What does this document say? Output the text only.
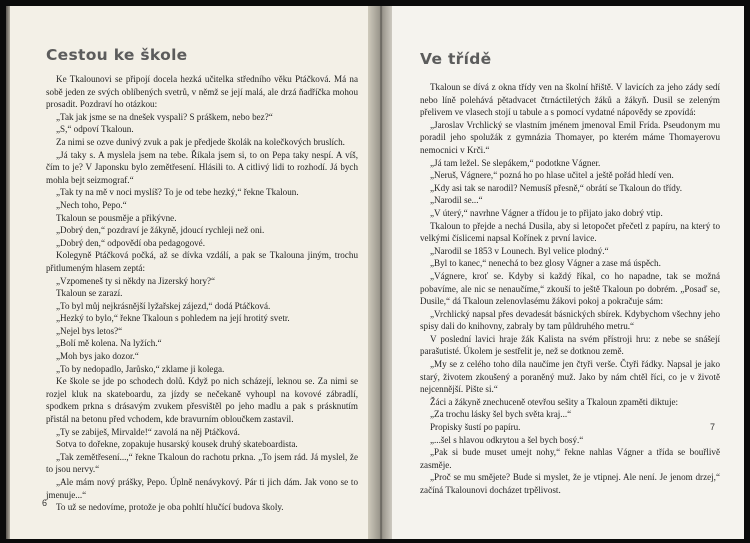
Cestou ke škole

Ke Tkalounovi se připojí docela hezká učitelka středního věku Ptáčková. Má na sobě jeden ze svých oblíbených svetrů, v němž se její malá, ale drzá ňadříčka mohou prosadit. Pozdraví ho otázkou:

„Tak jak jsme se na dnešek vyspali? S práškem, nebo bez?“

„S,“ odpoví Tkaloun.

Za nimi se ozve dunivý zvuk a pak je předjede školák na kolečkových bruslích.

„Já taky s. A myslela jsem na tebe. Říkala jsem si, to on Pepa taky nespí. A víš, čím to je? V Japonsku bylo zemětřesení. Hlásili to. A citlivý lidi to rozhodí. Já bych mohla bejt seizmograf.“

„Tak ty na mě v noci myslíš? To je od tebe hezký,“ řekne Tkaloun.

„Nech toho, Pepo.“

Tkaloun se pousměje a přikývne.

„Dobrý den,“ pozdraví je žákyně, jdoucí rychleji než oni.

„Dobrý den,“ odpovědí oba pedagogové.

Kolegyně Ptáčková počká, až se dívka vzdálí, a pak se Tkalouna jiným, trochu přitlumeným hlasem zeptá:

„Vzpomeneš ty si někdy na Jizerský hory?“

Tkaloun se zarazí.

„To byl můj nejkrásnější lyžařskej zájezd,“ dodá Ptáčková.

„Hezký to bylo,“ řekne Tkaloun s pohledem na její hrotitý svetr.

„Nejel bys letos?“

„Bolí mě kolena. Na lyžích.“

„Moh bys jako dozor.“

„To by nedopadlo, Jarůsko,“ zklame ji kolega.

Ke škole se jde po schodech dolů. Když po nich scházejí, leknou se. Za nimi se rozjel kluk na skateboardu, za jízdy se nečekaně vyhoupl na kovové zábradlí, spodkem prkna s drásavým zvukem přesvištěl po jeho madlu a pak s prásknutím přistál na betonu před vchodem, kde bravurním obloučkem zastavil.

„Ty se zabiješ, Mirvalde!“ zavolá na něj Ptáčková.

Sotva to dořekne, zopakuje husarský kousek druhý skateboardista.

„Tak zemětřesení...,“ řekne Tkaloun do rachotu prkna. „To jsem rád. Já myslel, že to jsou nervy.“

„Ale mám nový prášky, Pepo. Úplně nenávykový. Pár ti jich dám. Jak vono se to jmenuje...“

To už se nedovíme, protože je oba pohltí hlučící budova školy.

6
Ve třídě

Tkaloun se dívá z okna třídy ven na školní hřiště. V lavicích za jeho zády sedí nebo líně polehává pětadvacet čtrnáctiletých žáků a žákyň. Dusil se zeleným přelivem ve vlasech stojí u tabule a s pomocí vydatné nápovědy se zpovídá:

„Jaroslav Vrchlický se vlastním jménem jmenoval Emil Frída. Pseudonym mu poradil jeho spolužák z gymnázia Thomayer, po kterém máme Thomayerovu nemocnici v Krči.“

„Já tam ležel. Se slepákem,“ podotkne Vágner.

„Neruš, Vágnere,“ pozná ho po hlase učitel a ještě pořád hledí ven.

„Kdy asi tak se narodil? Nemusíš přesně,“ obrátí se Tkaloun do třídy.

„Narodil se...“

„V úterý,“ navrhne Vágner a třídou je to přijato jako dobrý vtip.

Tkaloun to přejde a nechá Dusila, aby si letopočet přečetl z papíru, na který to velkými číslicemi napsal Kořínek z první lavice.

„Narodil se 1853 v Lounech. Byl velice plodný.“

„Byl to kanec,“ nenechá to bez glosy Vágner a zase má úspěch.

„Vágnere, kroť se. Kdyby si každý říkal, co ho napadne, tak se možná pobavíme, ale nic se nenaučíme,“ zkouší to ještě Tkaloun po dobrém. „Posaď se, Dusile,“ dá Tkaloun zelenovlasému žákovi pokoj a pokračuje sám:

„Vrchlický napsal přes devadesát básnických sbírek. Kdybychom všechny jeho spisy dali do knihovny, zabraly by tam půldruhého metru.“

V poslední lavici hraje žák Kalista na svém přístroji hru: z nebe se snášejí parašutisté. Úkolem je sestřelit je, než se dotknou země.

„My se z celého toho díla naučíme jen čtyři verše. Čtyři řádky. Napsal je jako starý, životem zkoušený a poraněný muž. Jako by nám chtěl říci, co je v životě nejcennější. Pište si.“

Žáci a žákyně znechuceně otevřou sešity a Tkaloun zpaměti diktuje:

„Za trochu lásky šel bych světa kraj...“

Propisky šustí po papíru.

„...šel s hlavou odkrytou a šel bych bosý.“

„Pak si bude muset umejt nohy,“ řekne nahlas Vágner a třída se bouřlivě zasměje.

„Proč se mu smějete? Bude si myslet, že je vtipnej. Ale není. Je jenom drzej,“ začíná Tkalounovi docházet trpělivost.

7
